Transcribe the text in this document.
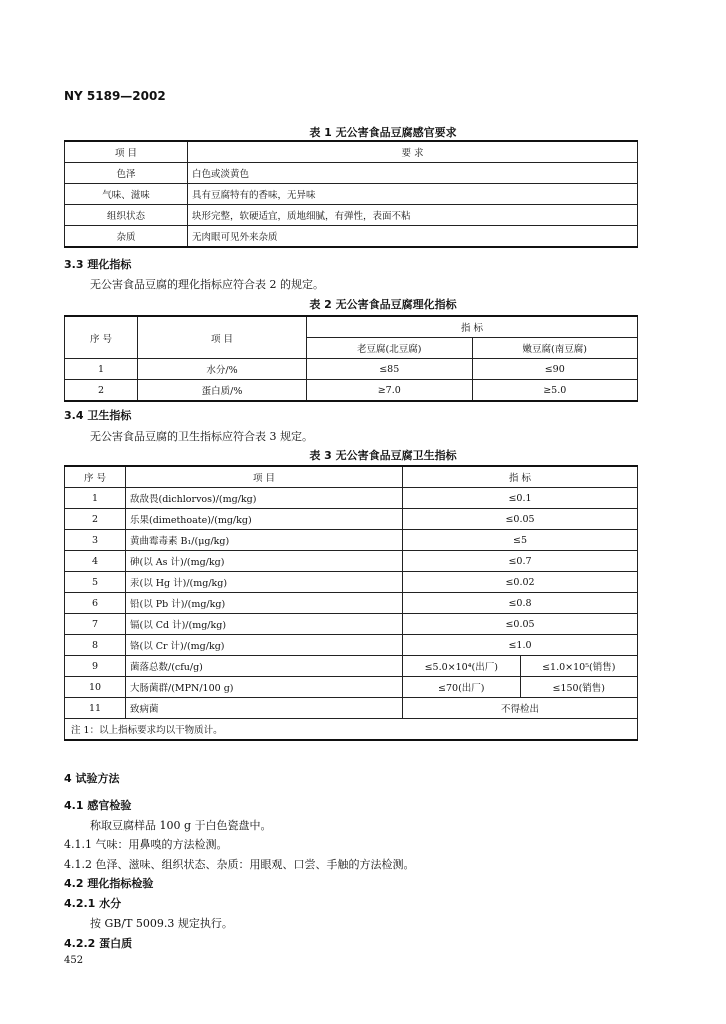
NY 5189—2002
表 1 无公害食品豆腐感官要求
项 目	要 求
色泽	白色或淡黄色
气味、滋味	具有豆腐特有的香味，无异味
组织状态	块形完整，软硬适宜，质地细腻，有弹性，表面不粘
杂质	无肉眼可见外来杂质
3.3 理化指标
无公害食品豆腐的理化指标应符合表 2 的规定。
表 2 无公害食品豆腐理化指标
序 号	项 目	指 标	
		老豆腐(北豆腐)	嫩豆腐(南豆腐)
1	水分/%	≤85	≤90
2	蛋白质/%	≥7.0	≥5.0
3.4 卫生指标
无公害食品豆腐的卫生指标应符合表 3 规定。
表 3 无公害食品豆腐卫生指标
序 号	项 目	指 标	
1	敌敌畏(dichlorvos)/(mg/kg)	≤0.1	
2	乐果(dimethoate)/(mg/kg)	≤0.05	
3	黄曲霉毒素 B₁/(μg/kg)	≤5	
4	砷(以 As 计)/(mg/kg)	≤0.7	
5	汞(以 Hg 计)/(mg/kg)	≤0.02	
6	铅(以 Pb 计)/(mg/kg)	≤0.8	
7	镉(以 Cd 计)/(mg/kg)	≤0.05	
8	铬(以 Cr 计)/(mg/kg)	≤1.0	
9	菌落总数/(cfu/g)	≤5.0×10⁴(出厂)	≤1.0×10⁵(销售)
10	大肠菌群/(MPN/100 g)	≤70(出厂)	≤150(销售)
11	致病菌	不得检出	
注 1：以上指标要求均以干物质计。			
4 试验方法
4.1 感官检验
称取豆腐样品 100 g 于白色瓷盘中。
4.1.1 气味：用鼻嗅的方法检测。
4.1.2 色泽、滋味、组织状态、杂质：用眼观、口尝、手触的方法检测。
4.2 理化指标检验
4.2.1 水分
按 GB/T 5009.3 规定执行。
4.2.2 蛋白质
452
